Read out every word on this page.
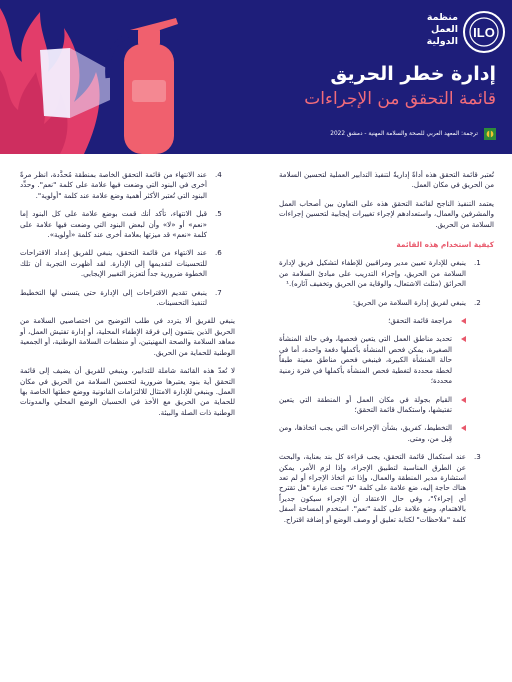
ILO
منظمة
العمل
الدولية
إدارة خطر الحريق
قائمة التحقق من الإجراءات
ترجمة: المعهد العربي للصحة والسلامة المهنية - دمشق 2022

تُعتبر قائمة التحقق هذه أداةً إداريةً لتنفيذ التدابير العملية لتحسين السلامة من الحريق في مكان العمل.

يعتمد التنفيذ الناجح لقائمة التحقق هذه على التعاون بين أصحاب العمل والمشرفين والعمال، واستعدادهم لإجراء تغييرات إيجابية لتحسين إجراءات السلامة من الحريق.

كيفية استخدام هذه القائمة
1.
ينبغي للإدارة تعيين مدير ومراقبين للإطفاء لتشكيل فريق لإدارة السلامة من الحريق، وإجراء التدريب على مبادئ السلامة من الحرائق (مثلث الاشتعال، والوقاية من الحريق وتخفيف آثاره).¹
2.
ينبغي لفريق إدارة السلامة من الحريق:
مراجعة قائمة التحقق؛
تحديد مناطق العمل التي يتعين فحصها، وفي حالة المنشأة الصغيرة، يمكن فحص المنشأة بأكملها دفعة واحدة، أما في حالة المنشأة الكبيرة، فينبغي فحص مناطق معينة طبقاً لخطة محددة لتغطية فحص المنشأة بأكملها في فترة زمنية محددة؛
القيام بجولة في مكان العمل أو المنطقة التي يتعين تفتيشها، واستكمال قائمة التحقق؛
التخطيط، كفريق، بشأن الإجراءات التي يجب اتخاذها، ومن قِبل من، ومتى.
3.
عند استكمال قائمة التحقق، يجب قراءة كل بند بعناية، والبحث عن الطرق المناسبة لتطبيق الإجراء، وإذا لزم الأمر، يمكن استشارة مدير المنطقة والعمال، وإذا تم اتخاذ الإجراء أو لم تعد هناك حاجة إليه، ضع علامة على كلمة "لا" تحت عبارة "هل تقترح أي إجراء؟"، وفي حال الاعتقاد أن الإجراء سيكون جديراً بالاهتمام، وضع علامة على كلمة "نعم". استخدم المساحة أسفل كلمة "ملاحظات" لكتابة تعليق أو وصف الوضع أو إضافة اقتراح.
4.
عند الانتهاء من قائمة التحقق الخاصة بمنطقة مُحدَّدة، انظر مرةً أخرى في البنود التي وضعت فيها علامة على كلمة "نعم". وحدِّد البنود التي تُعتبر الأكثر أهمية وضع علامة عند كلمة "أولوية".
5.
قبل الانتهاء، تأكد أنك قمت بوضع علامة على كل البنود إما «نعم» أو «لا» وأن لبعض البنود التي وضعت فيها علامة على كلمة «نعم» قد ميزتها بعلامة أخرى عند كلمة «أولوية».
6.
عند الانتهاء من قائمة التحقق، ينبغي للفريق إعداد الاقتراحات للتحسينات لتقديمها إلى الإدارة. لقد أظهرت التجربة أن تلك الخطوة ضرورية جداً لتعزيز التغيير الإيجابي.
7.
ينبغي تقديم الاقتراحات إلى الإدارة حتى يتسنى لها التخطيط لتنفيذ التحسينات.

ينبغي للفريق ألا يتردد في طلب التوضيح من اختصاصيي السلامة من الحريق الذين ينتمون إلى فرقة الإطفاء المحلية، أو إدارة تفتيش العمل، أو معاهد السلامة والصحة المهنيتين، أو منظمات السلامة الوطنية، أو الجمعية الوطنية للحماية من الحريق.

لا تُعدّ هذه القائمة شاملة للتدابير، وينبغي للفريق أن يضيف إلى قائمة التحقق أية بنود يعتبرها ضرورية لتحسين السلامة من الحريق في مكان العمل. وينبغي للإدارة الامتثال للالتزامات القانونية ووضع خطتها الخاصة بها للحماية من الحريق مع الأخذ في الحسبان الوضع المحلي والمدونات الوطنية ذات الصلة والبيئة.
